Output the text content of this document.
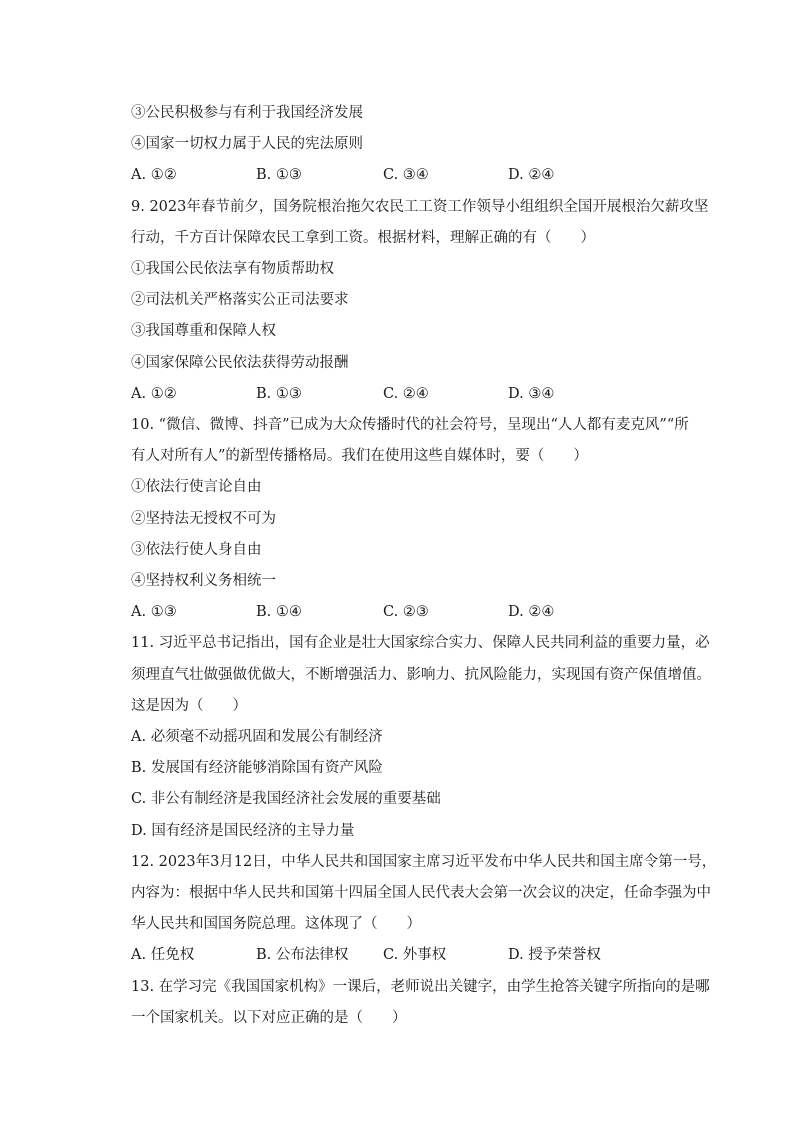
③公民积极参与有利于我国经济发展
④国家一切权力属于人民的宪法原则
A. ①②	B. ①③	C. ③④	D. ②④
9. 2023年春节前夕，国务院根治拖欠农民工工资工作领导小组组织全国开展根治欠薪攻坚
行动，千方百计保障农民工拿到工资。根据材料，理解正确的有（　　）
①我国公民依法享有物质帮助权
②司法机关严格落实公正司法要求
③我国尊重和保障人权
④国家保障公民依法获得劳动报酬
A. ①②	B. ①③	C. ②④	D. ③④
10. “微信、微博、抖音”已成为大众传播时代的社会符号，呈现出“人人都有麦克风”“所
有人对所有人”的新型传播格局。我们在使用这些自媒体时，要（　　）
①依法行使言论自由
②坚持法无授权不可为
③依法行使人身自由
④坚持权利义务相统一
A. ①③	B. ①④	C. ②③	D. ②④
11. 习近平总书记指出，国有企业是壮大国家综合实力、保障人民共同利益的重要力量，必
须理直气壮做强做优做大，不断增强活力、影响力、抗风险能力，实现国有资产保值增值。
这是因为（　　）
A. 必须毫不动摇巩固和发展公有制经济
B. 发展国有经济能够消除国有资产风险
C. 非公有制经济是我国经济社会发展的重要基础
D. 国有经济是国民经济的主导力量
12. 2023年3月12日，中华人民共和国国家主席习近平发布中华人民共和国主席令第一号，
内容为：根据中华人民共和国第十四届全国人民代表大会第一次会议的决定，任命李强为中
华人民共和国国务院总理。这体现了（　　）
A. 任免权	B. 公布法律权 C. 外事权	D. 授予荣誉权
13. 在学习完《我国国家机构》一课后，老师说出关键字，由学生抢答关键字所指向的是哪
一个国家机关。以下对应正确的是（　　）
